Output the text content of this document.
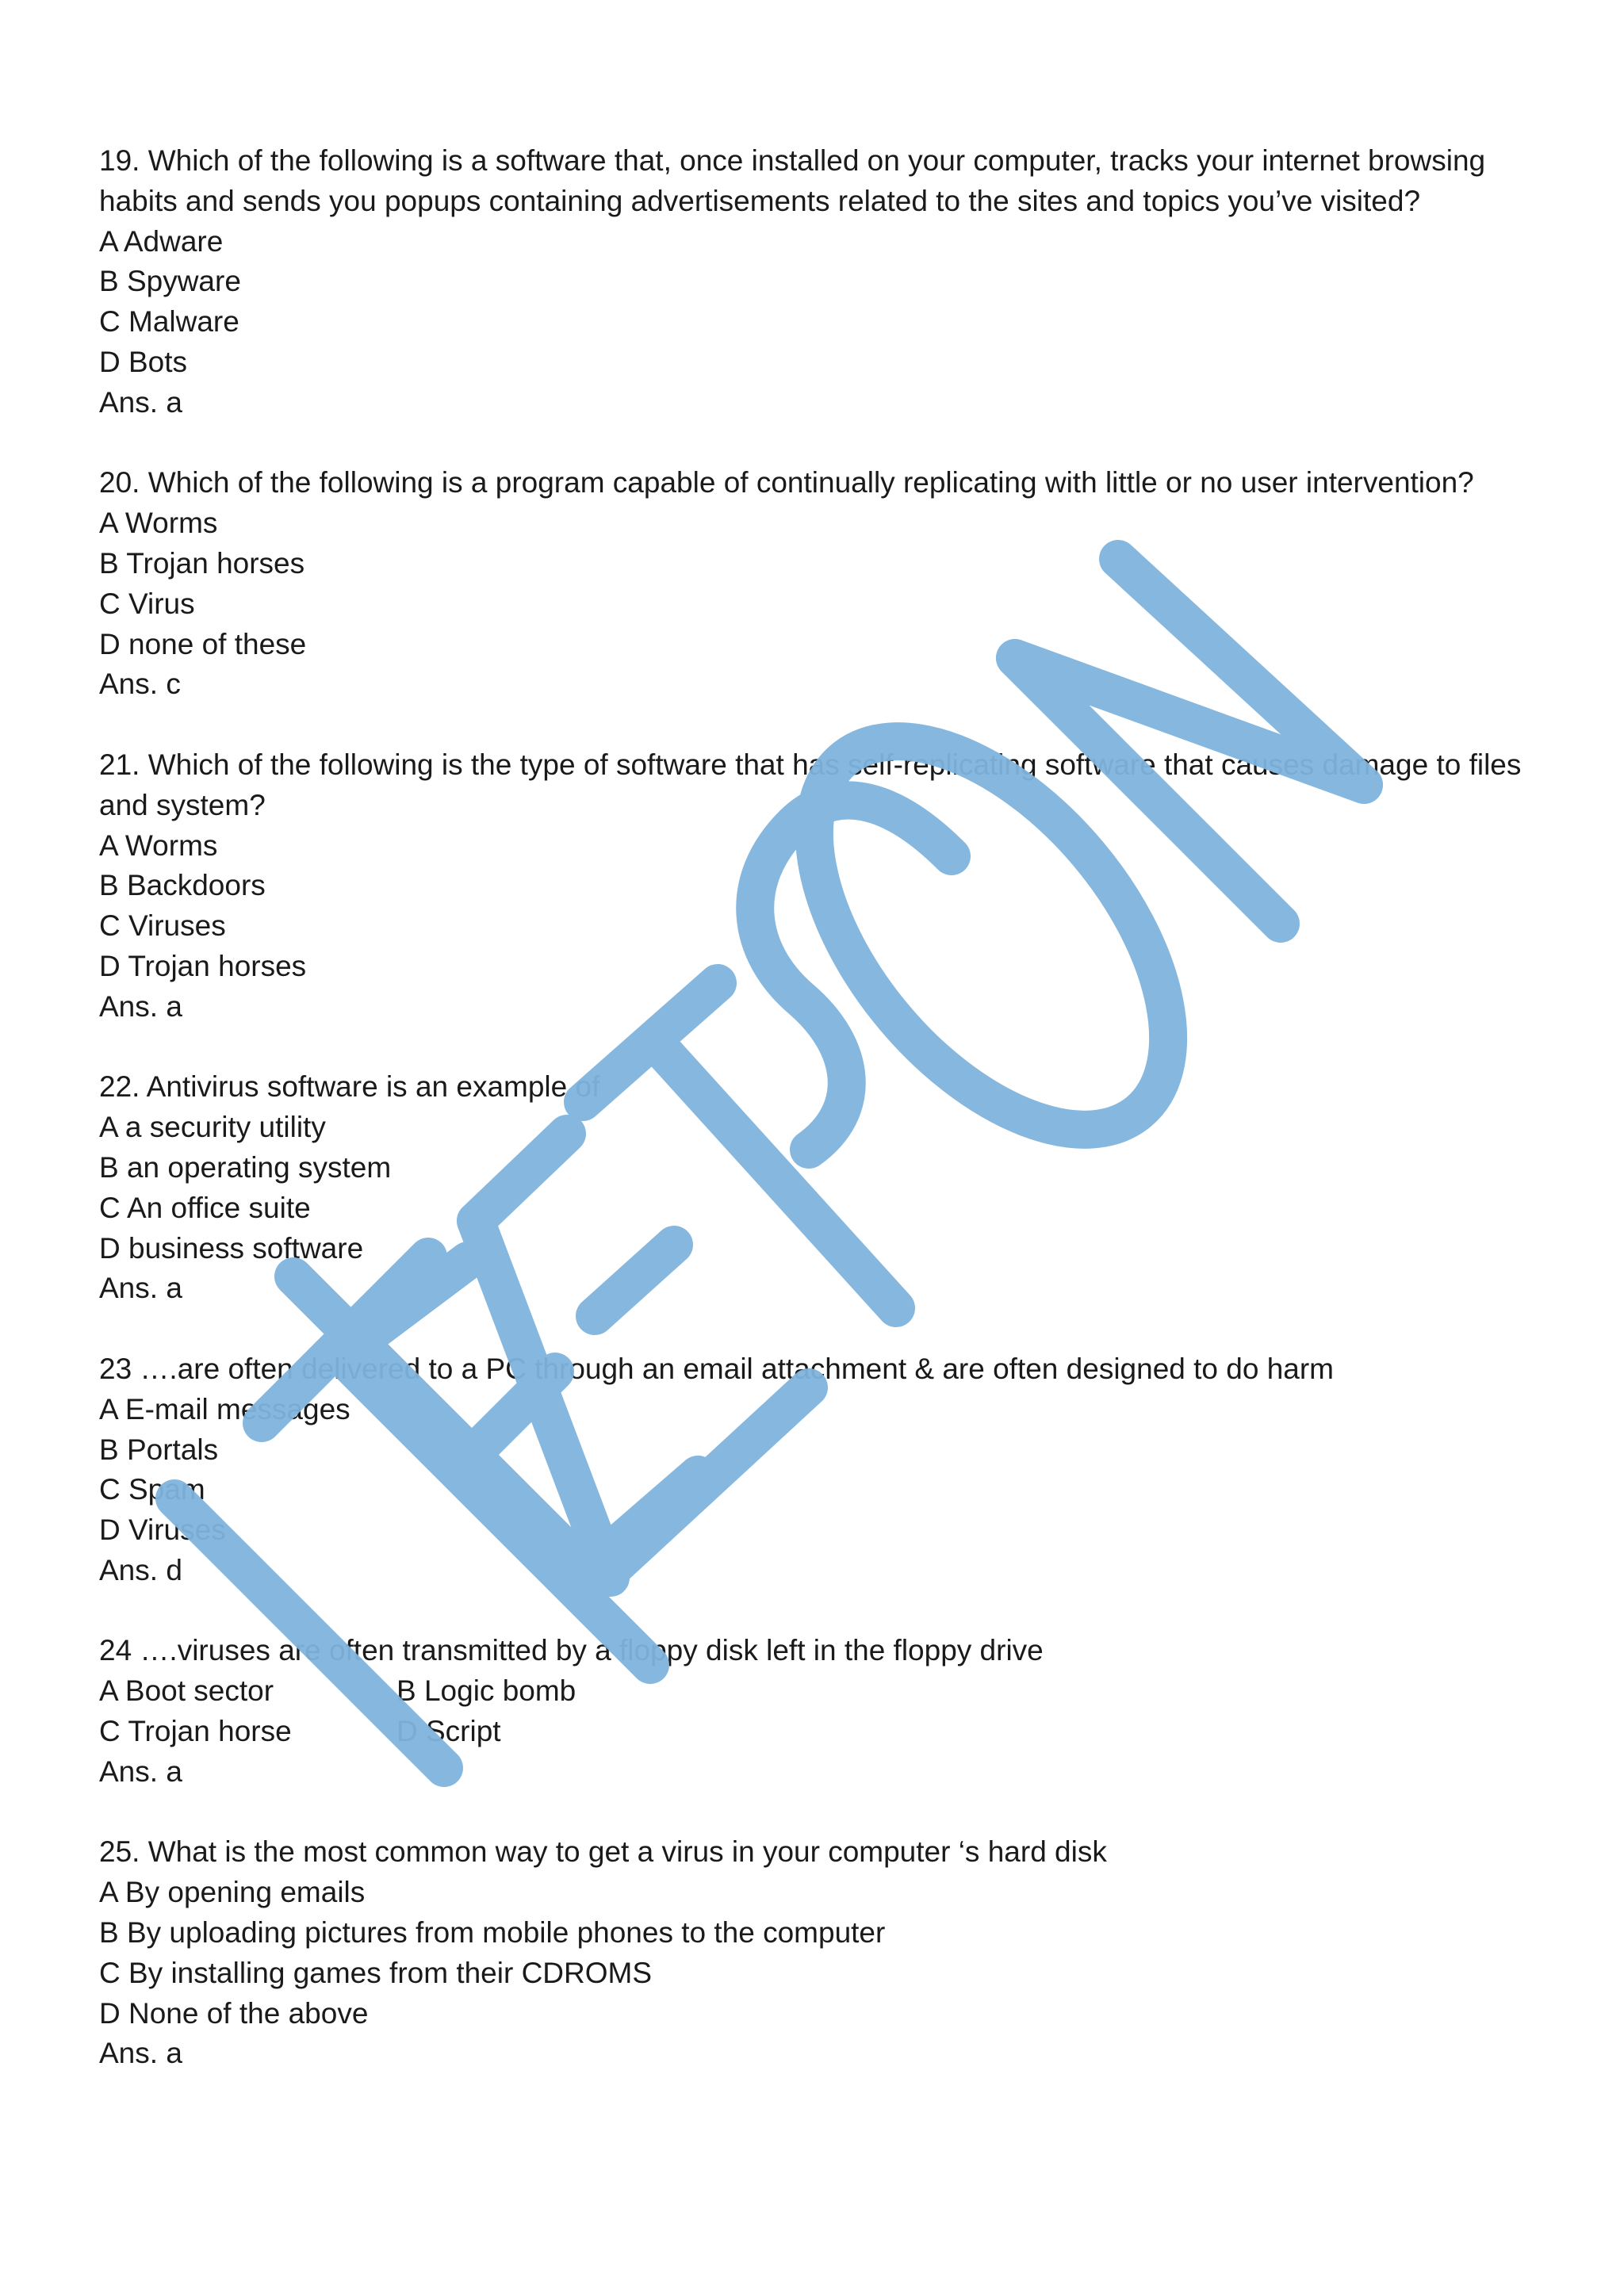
19. Which of the following is a software that, once installed on your computer, tracks your internet browsing habits and sends you popups containing advertisements related to the sites and topics you’ve visited?
A Adware
B Spyware
C Malware
D Bots
Ans. a
20. Which of the following is a program capable of continually replicating with little or no user intervention?
A Worms
B Trojan horses
C Virus
D none of these
Ans. c
21. Which of the following is the type of software that has self-replicating software that causes damage to files and system?
A Worms
B Backdoors
C Viruses
D Trojan horses
Ans. a
22. Antivirus software is an example of
A a security utility
B an operating system
C An office suite
D business software
Ans. a
23 ….are often delivered to a PC through an email attachment & are often designed to do harm
A E-mail messages
B Portals
C Spam
D Viruses
Ans. d
24 ….viruses are often transmitted by a floppy disk left in the floppy drive
A Boot sector	B Logic bomb
C Trojan horse	D Script
Ans. a
25. What is the most common way to get a virus in your computer ‘s hard disk
A By opening emails
B By uploading pictures from mobile phones to the computer
C By installing games from their CDROMS
D None of the above
Ans. a
HEETSON
